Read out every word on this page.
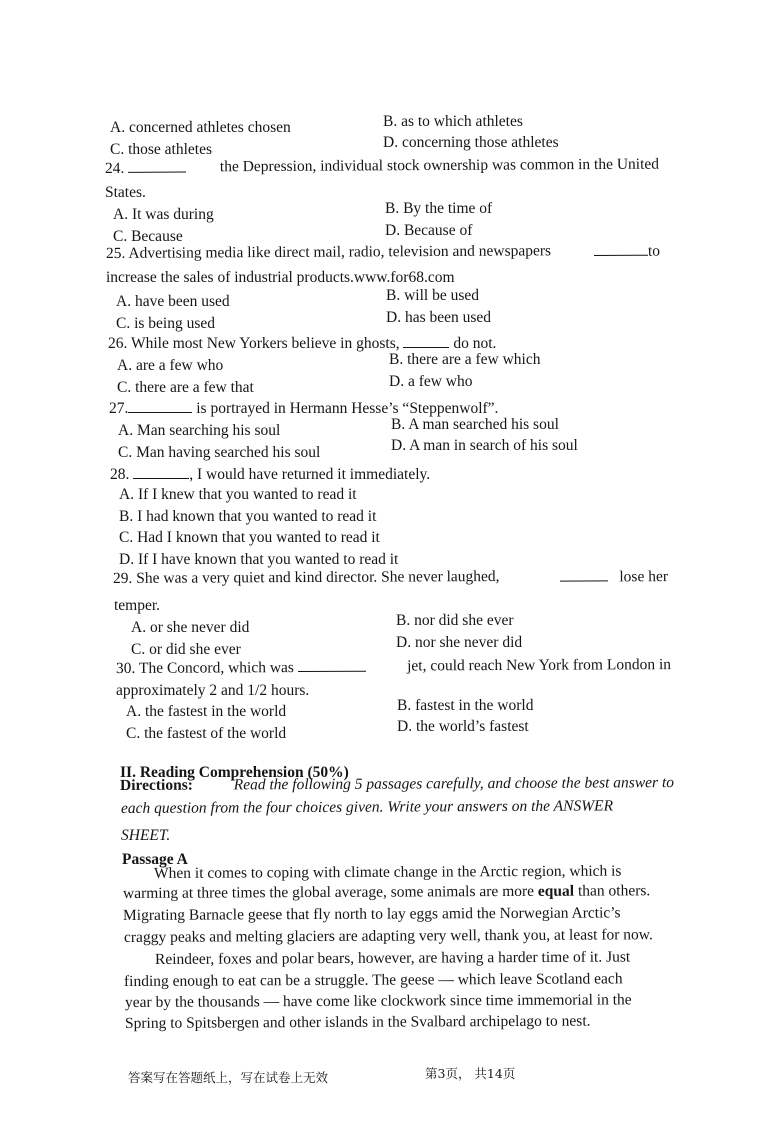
A. concerned athletes chosen	B. as to which athletes
C. those athletes	D. concerning those athletes
24.	the Depression, individual stock ownership was common in the United
States.
A. It was during	B. By the time of
C. Because	D. Because of
25. Advertising media like direct mail, radio, television and newspapers	to
increase the sales of industrial products.www.for68.com
A. have been used	B. will be used
C. is being used	D. has been used
26. While most New Yorkers believe in ghosts,	do not.
A. are a few who	B. there are a few which
C. there are a few that	D. a few who
27.	is portrayed in Hermann Hesse’s “Steppenwolf”.
A. Man searching his soul	B. A man searched his soul
C. Man having searched his soul	D. A man in search of his soul
28.	, I would have returned it immediately.
A. If I knew that you wanted to read it
B. I had known that you wanted to read it
C. Had I known that you wanted to read it
D. If I have known that you wanted to read it
29. She was a very quiet and kind director. She never laughed,	lose her
temper.
A. or she never did	B. nor did she ever
C. or did she ever	D. nor she never did
30. The Concord, which was	jet, could reach New York from London in
approximately 2 and 1/2 hours.
A. the fastest in the world	B. fastest in the world
C. the fastest of the world	D. the world’s fastest
II. Reading Comprehension (50%)
Directions:	Read the following 5 passages carefully, and choose the best answer to
each question from the four choices given. Write your answers on the ANSWER
SHEET.
Passage A
When it comes to coping with climate change in the Arctic region, which is
warming at three times the global average, some animals are more equal than others.
Migrating Barnacle geese that fly north to lay eggs amid the Norwegian Arctic’s
craggy peaks and melting glaciers are adapting very well, thank you, at least for now.
Reindeer, foxes and polar bears, however, are having a harder time of it. Just
finding enough to eat can be a struggle. The geese — which leave Scotland each
year by the thousands — have come like clockwork since time immemorial in the
Spring to Spitsbergen and other islands in the Svalbard archipelago to nest.
答案写在答题纸上，写在试卷上无效	第3页， 共14页
